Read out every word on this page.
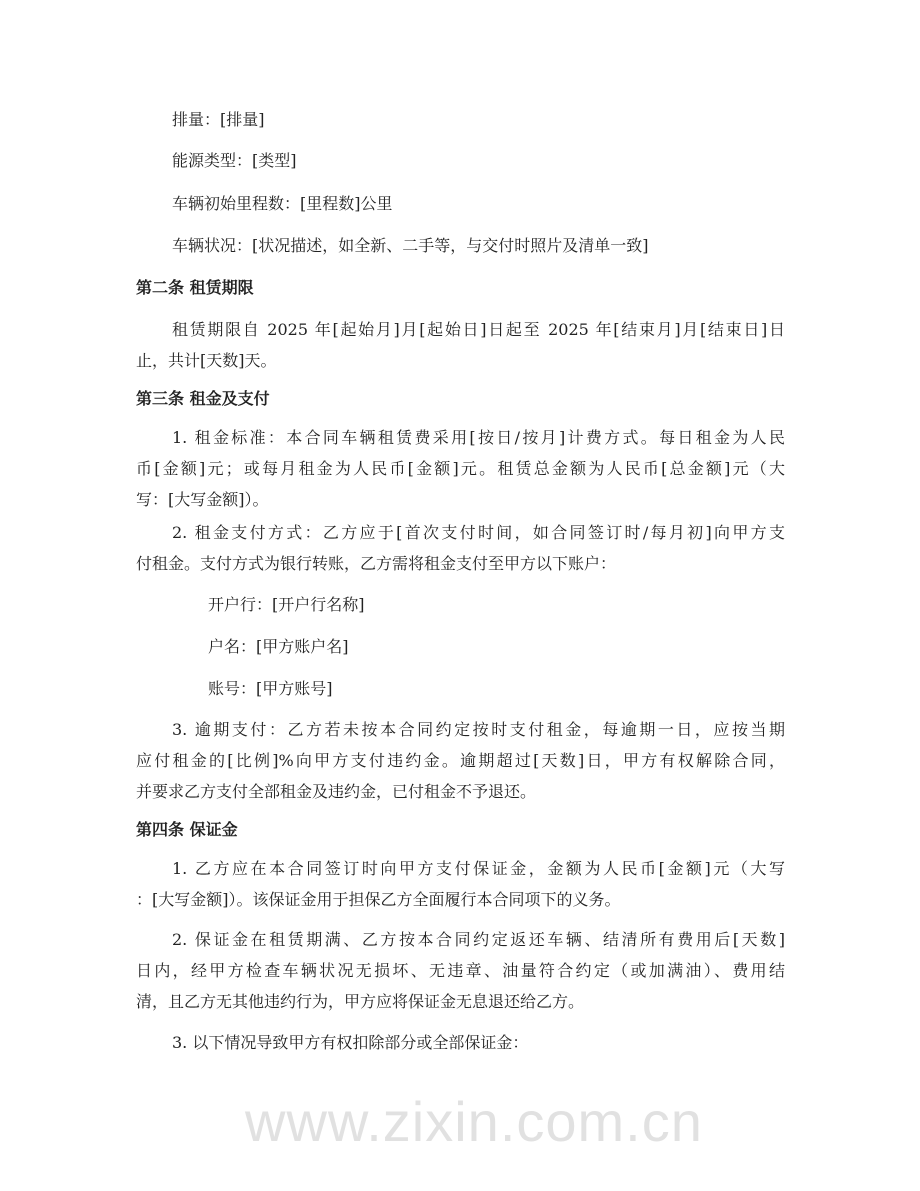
排量：[排量]
能源类型：[类型]
车辆初始里程数：[里程数]公里
车辆状况：[状况描述，如全新、二手等，与交付时照片及清单一致]
第二条 租赁期限
租赁期限自 2025 年[起始月]月[起始日]日起至 2025 年[结束月]月[结束日]日
止，共计[天数]天。
第三条 租金及支付
1. 租金标准：本合同车辆租赁费采用[按日/按月]计费方式。每日租金为人民
币[金额]元；或每月租金为人民币[金额]元。租赁总金额为人民币[总金额]元（大
写：[大写金额]）。
2. 租金支付方式：乙方应于[首次支付时间，如合同签订时/每月初]向甲方支
付租金。支付方式为银行转账，乙方需将租金支付至甲方以下账户：
开户行：[开户行名称]
户名：[甲方账户名]
账号：[甲方账号]
3. 逾期支付：乙方若未按本合同约定按时支付租金，每逾期一日，应按当期
应付租金的[比例]%向甲方支付违约金。逾期超过[天数]日，甲方有权解除合同，
并要求乙方支付全部租金及违约金，已付租金不予退还。
第四条 保证金
1. 乙方应在本合同签订时向甲方支付保证金，金额为人民币[金额]元（大写
：[大写金额]）。该保证金用于担保乙方全面履行本合同项下的义务。
2. 保证金在租赁期满、乙方按本合同约定返还车辆、结清所有费用后[天数]
日内，经甲方检查车辆状况无损坏、无违章、油量符合约定（或加满油）、费用结
清，且乙方无其他违约行为，甲方应将保证金无息退还给乙方。
3. 以下情况导致甲方有权扣除部分或全部保证金：
www.zixin.com.cn
